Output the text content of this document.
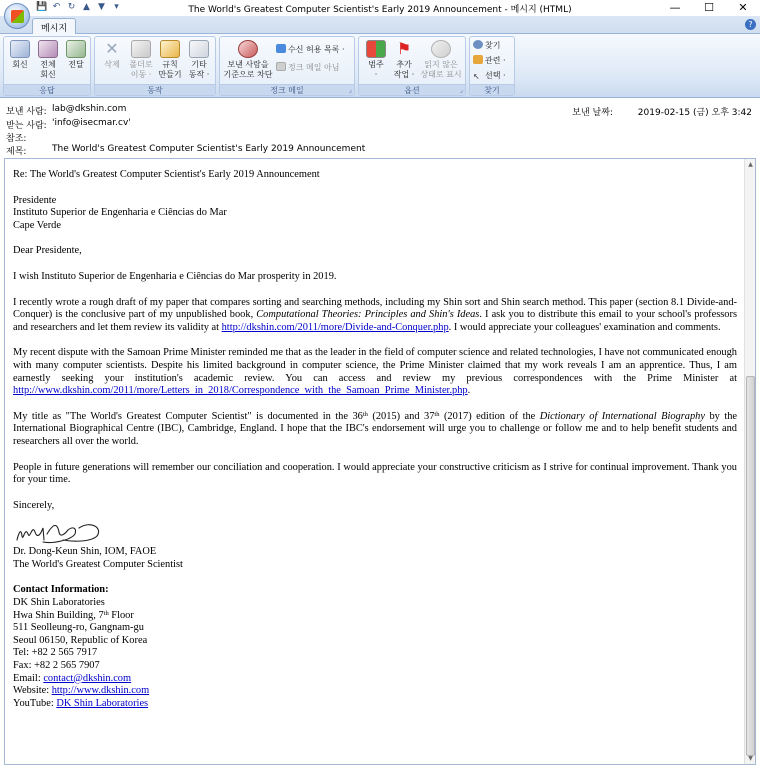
The World's Greatest Computer Scientist's Early 2019 Announcement - 메시지 (HTML)
💾 ↶ ↻ ▲ ▼	▾	—	☐	✕
메시지	?
회신	전체
회신
전달
응답
✕
삭제	폴더로
이동 ·
규칙
만들기
기타
동작 ·
동작
보낸 사람을
기준으로 차단
수신 허용 목록 ·
정크 메일 아님
정크 메일	⌟
범주
·
⚑
추가
작업 ·
읽지 않은
상태로 표시
옵션	⌟
찾기
관련 ·
↖ 선택 ·
찾기
보낸 사람: lab@dkshin.com
받는 사람: 'info@isecmar.cv'
참조:
제목:	The World's Greatest Computer Scientist's Early 2019 Announcement
보낸 날짜:	2019-02-15 (금) 오후 3:42

Re: The World's Greatest Computer Scientist's Early 2019 Announcement

Presidente
Instituto Superior de Engenharia e Ciências do Mar
Cape Verde

Dear Presidente,

I wish Instituto Superior de Engenharia e Ciências do Mar prosperity in 2019.

I recently wrote a rough draft of my paper that compares sorting and searching methods, including my Shin sort and Shin search method. This paper (section 8.1 Divide-and-Conquer) is the conclusive part of my unpublished book, Computational Theories: Principles and Shin's Ideas. I ask you to distribute this email to your school's professors and researchers and let them review its validity at http://dkshin.com/2011/more/Divide-and-Conquer.php. I would appreciate your colleagues' examination and comments.

My recent dispute with the Samoan Prime Minister reminded me that as the leader in the field of computer science and related technologies, I have not communicated enough with many computer scientists. Despite his limited background in computer science, the Prime Minister claimed that my work reveals I am an apprentice. Thus, I am earnestly seeking your institution's academic review. You can access and review my previous correspondences with the Prime Minister at http://www.dkshin.com/2011/more/Letters_in_2018/Correspondence_with_the_Samoan_Prime_Minister.php.

My title as "The World's Greatest Computer Scientist" is documented in the 36th (2015) and 37th (2017) edition of the Dictionary of International Biography by the International Biographical Centre (IBC), Cambridge, England. I hope that the IBC's endorsement will urge you to challenge or follow me and to help benefit students and researchers all over the world.

People in future generations will remember our conciliation and cooperation. I would appreciate your constructive criticism as I strive for continual improvement. Thank you for your time.

Sincerely,

Dr. Dong-Keun Shin, IOM, FAOE
The World's Greatest Computer Scientist

Contact Information:
DK Shin Laboratories
Hwa Shin Building, 7th Floor
511 Seolleung-ro, Gangnam-gu
Seoul 06150, Republic of Korea
Tel: +82 2 565 7917
Fax: +82 2 565 7907
Email: contact@dkshin.com
Website: http://www.dkshin.com
YouTube: DK Shin Laboratories

▲
▼
